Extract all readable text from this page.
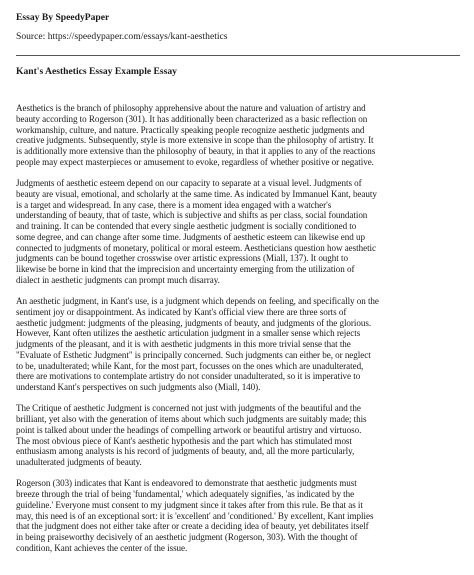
Essay By SpeedyPaper

Source: https://speedypaper.com/essays/kant-aesthetics

Kant's Aesthetics Essay Example Essay

Aesthetics is the branch of philosophy apprehensive about the nature and valuation of artistry and
beauty according to Rogerson (301). It has additionally been characterized as a basic reflection on
workmanship, culture, and nature. Practically speaking people recognize aesthetic judgments and
creative judgments. Subsequently, style is more extensive in scope than the philosophy of artistry. It
is additionally more extensive than the philosophy of beauty, in that it applies to any of the reactions
people may expect masterpieces or amusement to evoke, regardless of whether positive or negative.

Judgments of aesthetic esteem depend on our capacity to separate at a visual level. Judgments of
beauty are visual, emotional, and scholarly at the same time. As indicated by Immanuel Kant, beauty
is a target and widespread. In any case, there is a moment idea engaged with a watcher's
understanding of beauty, that of taste, which is subjective and shifts as per class, social foundation
and training. It can be contended that every single aesthetic judgment is socially conditioned to
some degree, and can change after some time. Judgments of aesthetic esteem can likewise end up
connected to judgments of monetary, political or moral esteem. Aestheticians question how aesthetic
judgments can be bound together crosswise over artistic expressions (Miall, 137). It ought to
likewise be borne in kind that the imprecision and uncertainty emerging from the utilization of
dialect in aesthetic judgments can prompt much disarray.

An aesthetic judgment, in Kant's use, is a judgment which depends on feeling, and specifically on the
sentiment joy or disappointment. As indicated by Kant's official view there are three sorts of
aesthetic judgment: judgments of the pleasing, judgments of beauty, and judgments of the glorious.
However, Kant often utilizes the aesthetic articulation judgment in a smaller sense which rejects
judgments of the pleasant, and it is with aesthetic judgments in this more trivial sense that the
"Evaluate of Esthetic Judgment" is principally concerned. Such judgments can either be, or neglect
to be, unadulterated; while Kant, for the most part, focusses on the ones which are unadulterated,
there are motivations to contemplate artistry do not consider unadulterated, so it is imperative to
understand Kant's perspectives on such judgments also (Miall, 140).

The Critique of aesthetic Judgment is concerned not just with judgments of the beautiful and the
brilliant, yet also with the generation of items about which such judgments are suitably made; this
point is talked about under the headings of compelling artwork or beautiful artistry and virtuoso.
The most obvious piece of Kant's aesthetic hypothesis and the part which has stimulated most
enthusiasm among analysts is his record of judgments of beauty, and, all the more particularly,
unadulterated judgments of beauty.

Rogerson (303) indicates that Kant is endeavored to demonstrate that aesthetic judgments must
breeze through the trial of being 'fundamental,' which adequately signifies, 'as indicated by the
guideline.' Everyone must consent to my judgment since it takes after from this rule. Be that as it
may, this need is of an exceptional sort: it is 'excellent' and 'conditioned.' By excellent, Kant implies
that the judgment does not either take after or create a deciding idea of beauty, yet debilitates itself
in being praiseworthy decisively of an aesthetic judgment (Rogerson, 303). With the thought of
condition, Kant achieves the center of the issue.
